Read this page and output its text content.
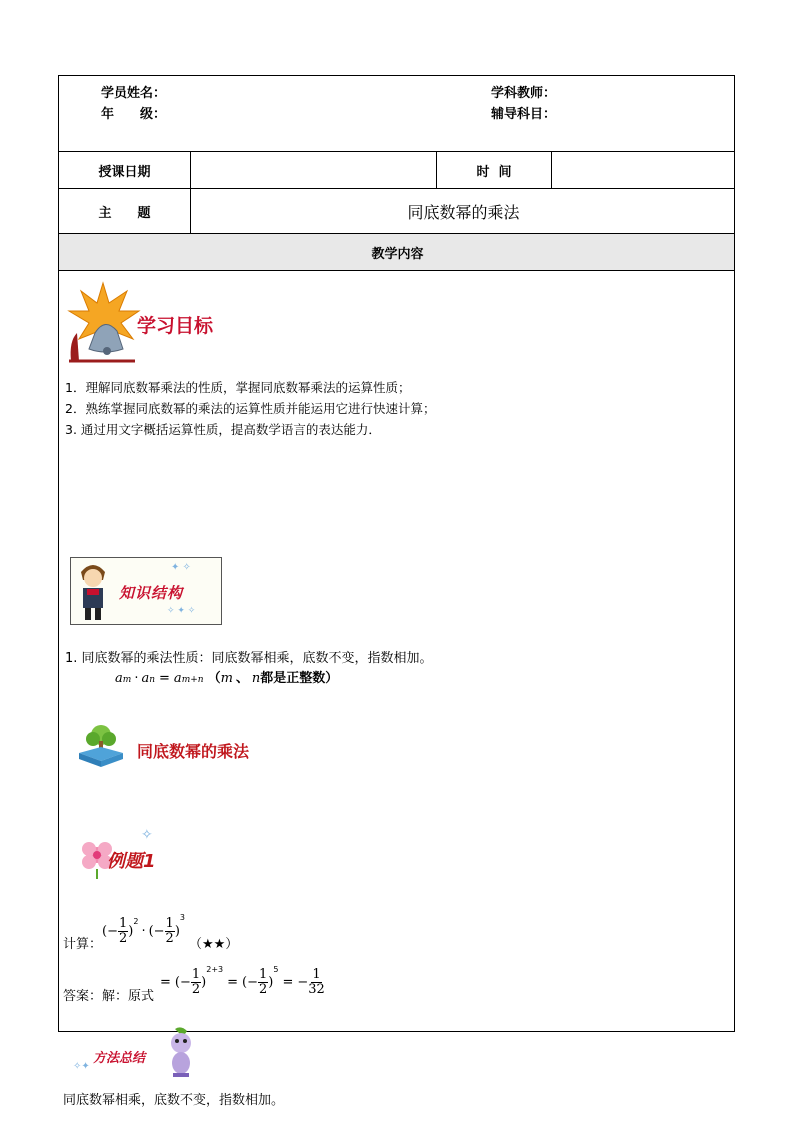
学员姓名：
年　　级：
学科教师：
辅导科目：
授课日期	时  间
主　　题	同底数幂的乘法
教学内容
学习目标
1．理解同底数幂乘法的性质，掌握同底数幂乘法的运算性质；
2．熟练掌握同底数幂的乘法的运算性质并能运用它进行快速计算；
3. 通过用文字概括运算性质，提高数学语言的表达能力．
知识结构
✦ ✧
✧ ✦ ✧
1. 同底数幂的乘法性质：同底数幂相乘，底数不变，指数相加。
a m · a n = a m+n （ m 、 n 都是正整数）
同底数幂的乘法
✧
例题1
计算：
(− $\frac{1}{2}$ )
$^2$
· (− $\frac{1}{2}$ )
3
（★★）
答案：解：原式
= (− $\frac{1}{2}$ )
2+3
= (− $\frac{1}{2}$ )
5
= − $\frac{1}{32}$
方法总结
✧✦
同底数幂相乘，底数不变，指数相加。
